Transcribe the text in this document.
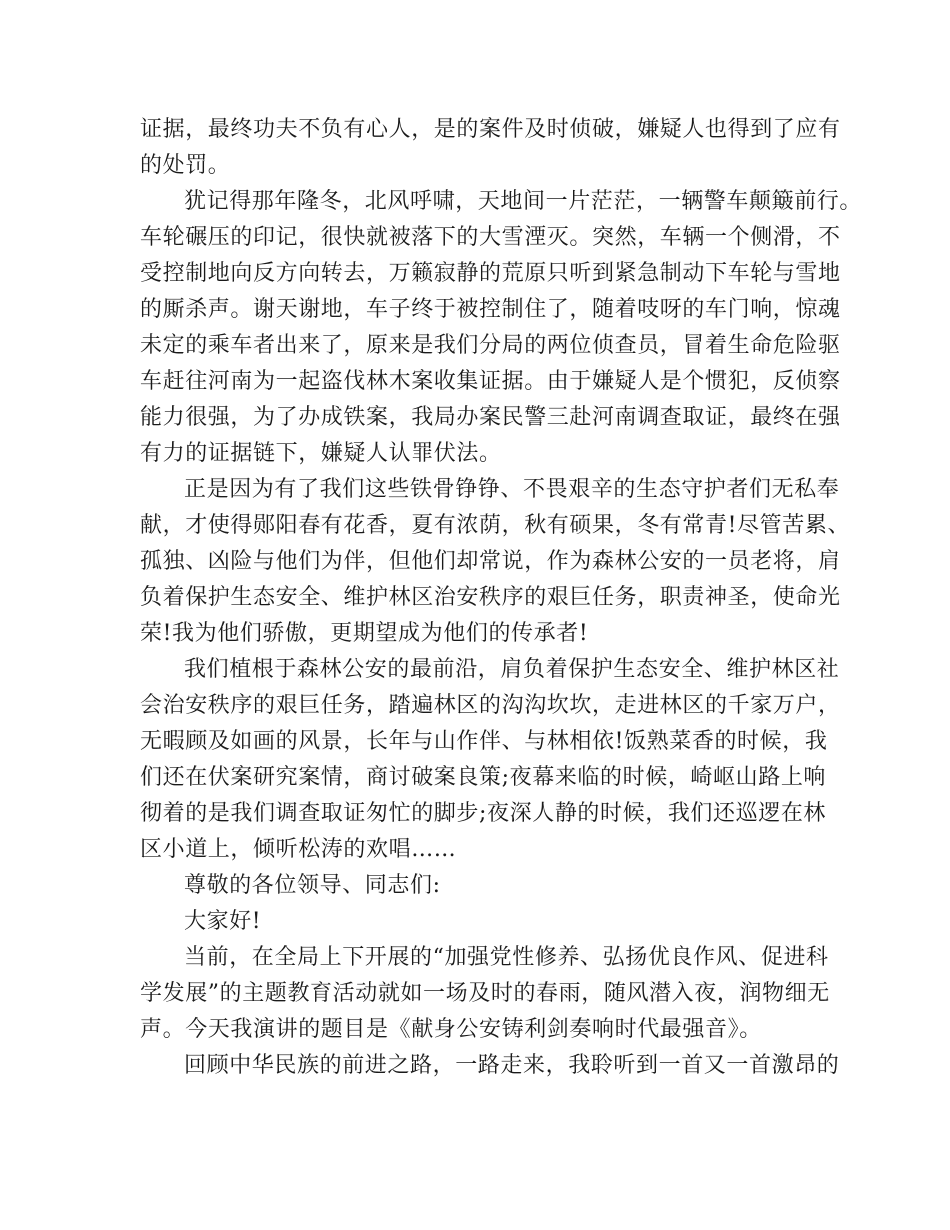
证据，最终功夫不负有心人，是的案件及时侦破，嫌疑人也得到了应有
的处罚。
犹记得那年隆冬，北风呼啸，天地间一片茫茫，一辆警车颠簸前行。
车轮碾压的印记，很快就被落下的大雪湮灭。突然，车辆一个侧滑，不
受控制地向反方向转去，万籁寂静的荒原只听到紧急制动下车轮与雪地
的厮杀声。谢天谢地，车子终于被控制住了，随着吱呀的车门响，惊魂
未定的乘车者出来了，原来是我们分局的两位侦查员，冒着生命危险驱
车赶往河南为一起盗伐林木案收集证据。由于嫌疑人是个惯犯，反侦察
能力很强，为了办成铁案，我局办案民警三赴河南调查取证，最终在强
有力的证据链下，嫌疑人认罪伏法。
正是因为有了我们这些铁骨铮铮、不畏艰辛的生态守护者们无私奉
献，才使得郧阳春有花香，夏有浓荫，秋有硕果，冬有常青!尽管苦累、
孤独、凶险与他们为伴，但他们却常说，作为森林公安的一员老将，肩
负着保护生态安全、维护林区治安秩序的艰巨任务，职责神圣，使命光
荣!我为他们骄傲，更期望成为他们的传承者!
我们植根于森林公安的最前沿，肩负着保护生态安全、维护林区社
会治安秩序的艰巨任务，踏遍林区的沟沟坎坎，走进林区的千家万户，
无暇顾及如画的风景，长年与山作伴、与林相依!饭熟菜香的时候，我
们还在伏案研究案情，商讨破案良策;夜幕来临的时候，崎岖山路上响
彻着的是我们调查取证匆忙的脚步;夜深人静的时候，我们还巡逻在林
区小道上，倾听松涛的欢唱……
尊敬的各位领导、同志们:
大家好!
当前，在全局上下开展的“加强党性修养、弘扬优良作风、促进科
学发展”的主题教育活动就如一场及时的春雨，随风潜入夜，润物细无
声。今天我演讲的题目是《献身公安铸利剑奏响时代最强音》。
回顾中华民族的前进之路，一路走来，我聆听到一首又一首激昂的
